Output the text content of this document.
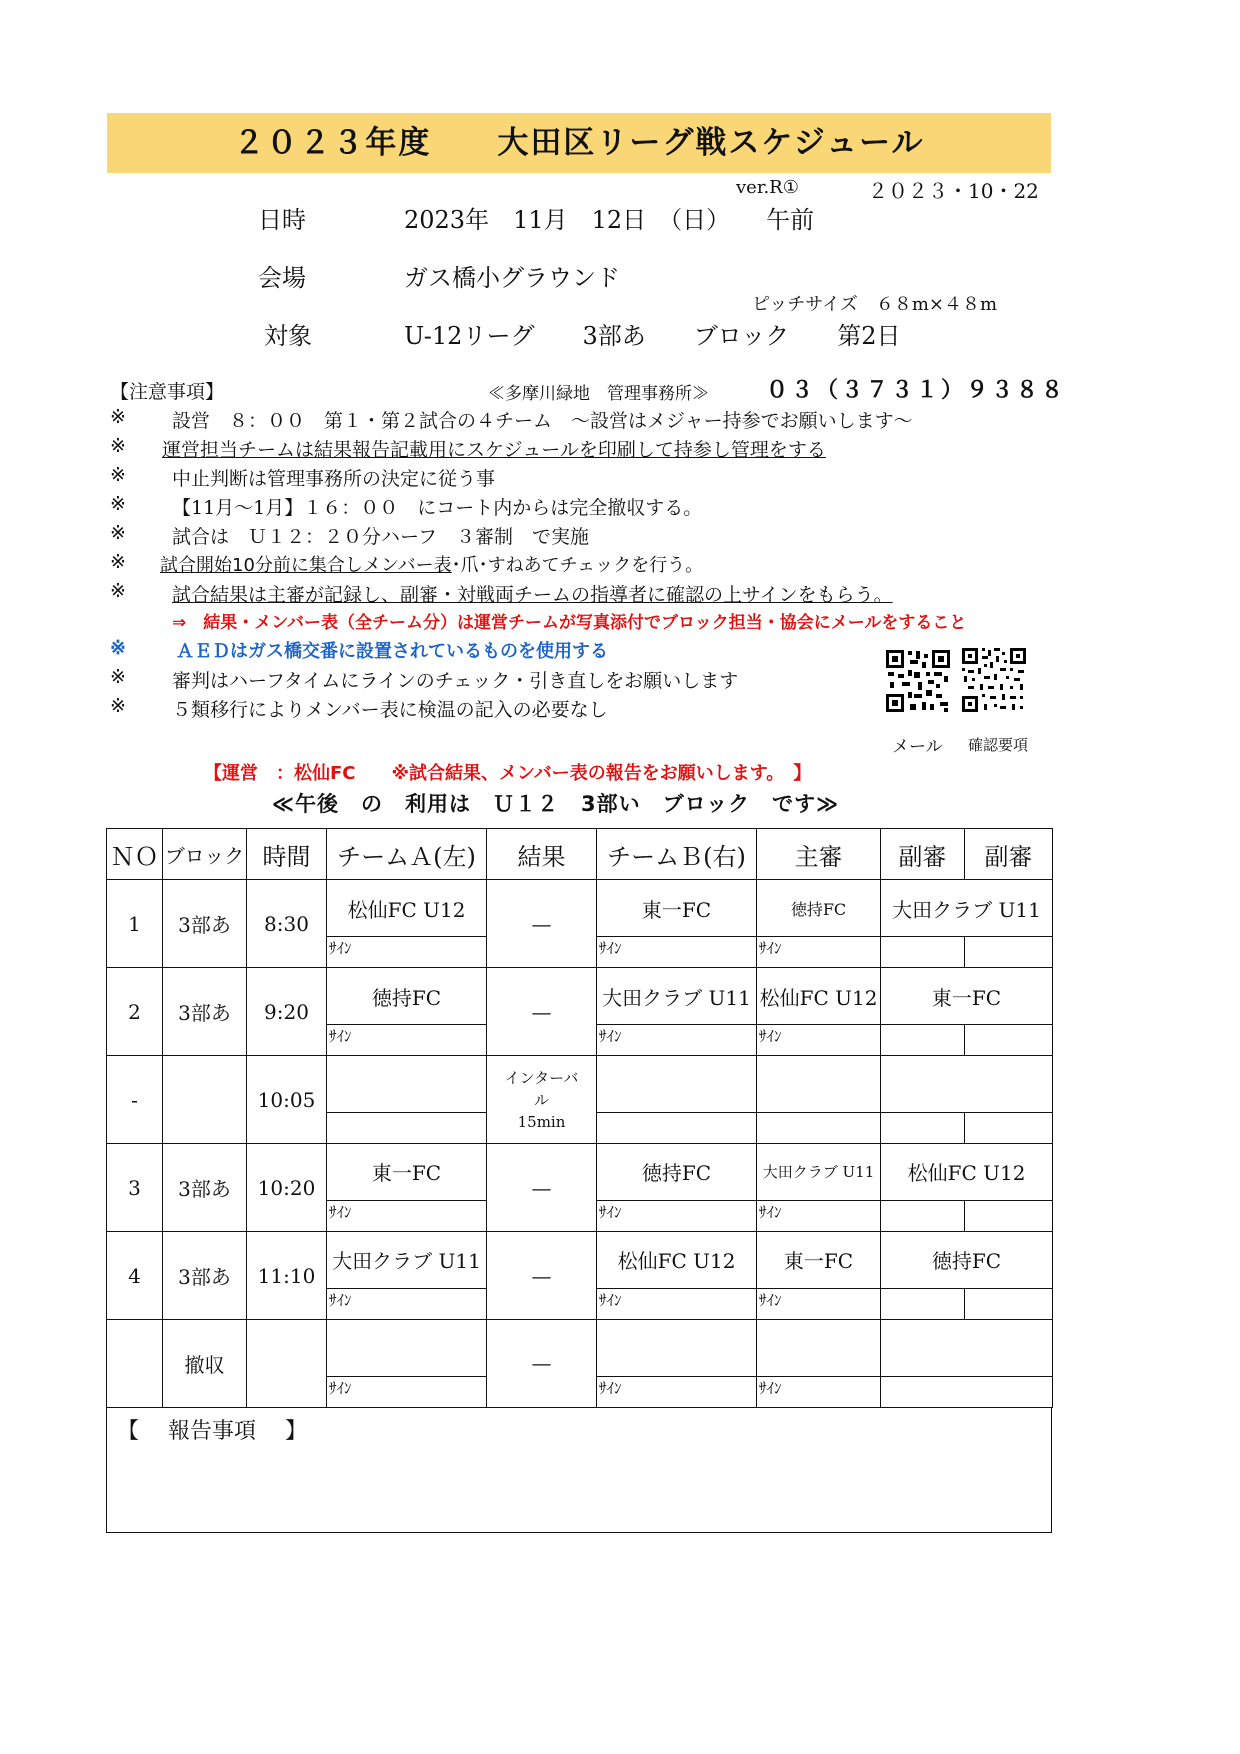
２０２３年度　　大田区リーグ戦スケジュール
ver.R①	２０２３・10・22
日時	2023年　11月　12日　（日）　　午前
会場	ガス橋小グラウンド
ピッチサイズ　６８m×４８m
対象	U-12リーグ　　3部あ　　ブロック　　第2日
【注意事項】	≪多摩川緑地　管理事務所≫	０３（３７３１）９３８８
※
※
※
※
※
※
※
※
※
※
設営　８：００　第１・第２試合の４チーム　～設営はメジャー持参でお願いします～
運営担当チームは結果報告記載用にスケジュールを印刷して持参し管理をする
中止判断は管理事務所の決定に従う事
【11月～1月】１６：００　にコート内からは完全撤収する。
試合は　Ｕ１２：２０分ハーフ　３審制　で実施
試合開始10分前に集合しメンバー表･爪･すねあてチェックを行う｡
試合結果は主審が記録し、副審・対戦両チームの指導者に確認の上サインをもらう。
⇒　結果・メンバー表（全チーム分）は運営チームが写真添付でブロック担当・協会にメールをすること
ＡＥＤはガス橋交番に設置されているものを使用する
審判はハーフタイムにラインのチェック・引き直しをお願いします
５類移行によりメンバー表に検温の記入の必要なし
メール 確認要項
【運営　：松仙FC　　※試合結果、メンバー表の報告をお願いします。　】
≪午後　の　利用は　Ｕ１２　3部い　ブロック　です≫
ＮＯ	ブロック	時間	チームＡ(左)	結果	チームＢ(右)	主審	副審	副審
1	3部あ	8:30	松仙FC U12	—	東一FC	徳持FC	大田クラブ U11	
			ｻｲﾝ		ｻｲﾝ	ｻｲﾝ		
2	3部あ	9:20	徳持FC	—	大田クラブ U11	松仙FC U12	東一FC	
			ｻｲﾝ		ｻｲﾝ	ｻｲﾝ		
-		10:05		インターバ
ル
15min				

3	3部あ	10:20	東一FC	—	徳持FC	大田クラブ U11	松仙FC U12	
			ｻｲﾝ		ｻｲﾝ	ｻｲﾝ		
4	3部あ	11:10	大田クラブ U11	—	松仙FC U12	東一FC	徳持FC	
			ｻｲﾝ		ｻｲﾝ	ｻｲﾝ		
	撤収			—				
			ｻｲﾝ		ｻｲﾝ	ｻｲﾝ		
【　 報告事項　 】
